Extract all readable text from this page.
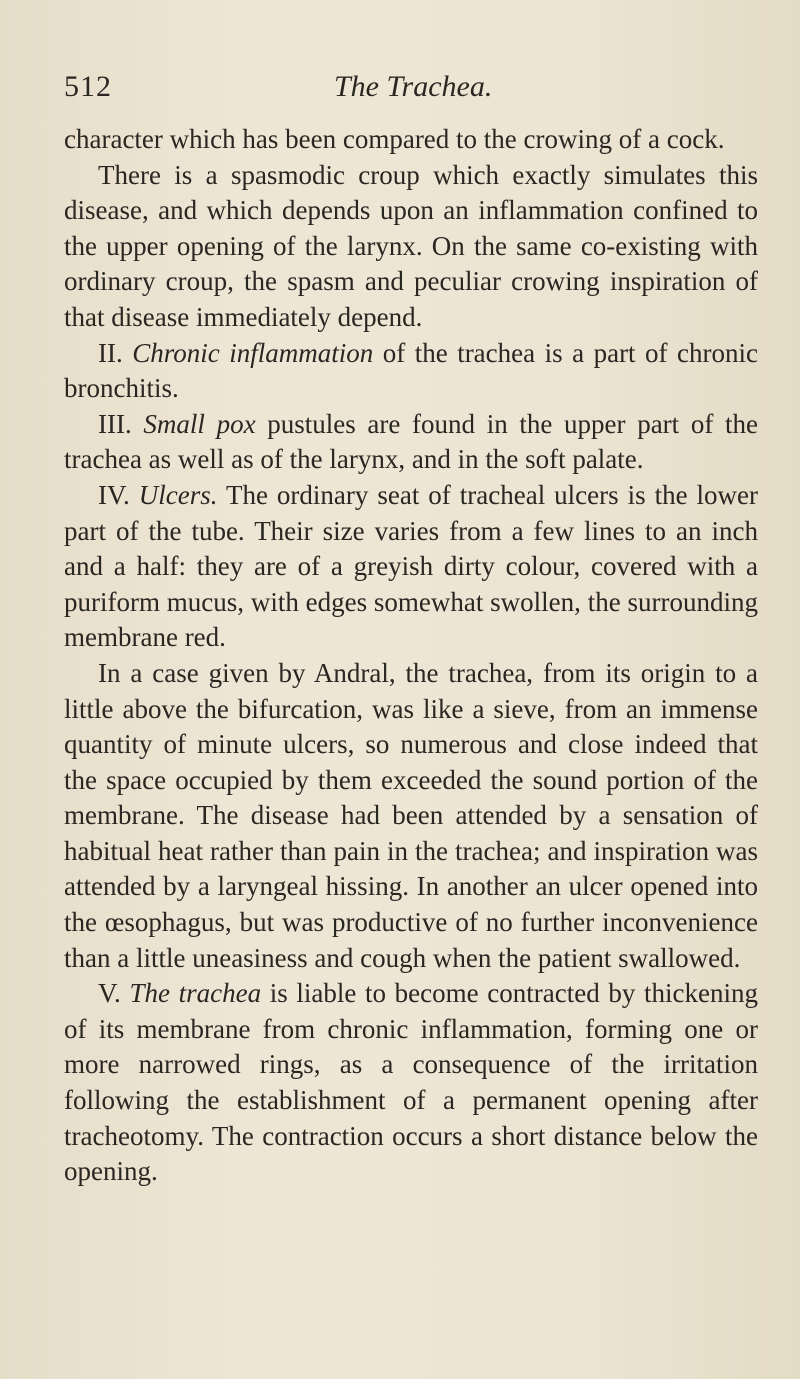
512	The Trachea.

character which has been compared to the crowing of a cock.

There is a spasmodic croup which exactly simulates this disease, and which depends upon an inflammation confined to the upper opening of the larynx. On the same co-existing with ordinary croup, the spasm and peculiar crowing inspiration of that disease immediately depend.

II. Chronic inflammation of the trachea is a part of chronic bronchitis.

III. Small pox pustules are found in the upper part of the trachea as well as of the larynx, and in the soft palate.

IV. Ulcers. The ordinary seat of tracheal ulcers is the lower part of the tube. Their size varies from a few lines to an inch and a half: they are of a greyish dirty colour, covered with a puriform mucus, with edges somewhat swollen, the surrounding membrane red.

In a case given by Andral, the trachea, from its origin to a little above the bifurcation, was like a sieve, from an immense quantity of minute ulcers, so numerous and close indeed that the space occupied by them exceeded the sound portion of the membrane. The disease had been attended by a sensation of habitual heat rather than pain in the trachea; and inspiration was attended by a laryngeal hissing. In another an ulcer opened into the œsophagus, but was productive of no further inconvenience than a little uneasiness and cough when the patient swallowed.

V. The trachea is liable to become contracted by thickening of its membrane from chronic inflammation, forming one or more narrowed rings, as a consequence of the irritation following the establishment of a permanent opening after tracheotomy. The contraction occurs a short distance below the opening.
